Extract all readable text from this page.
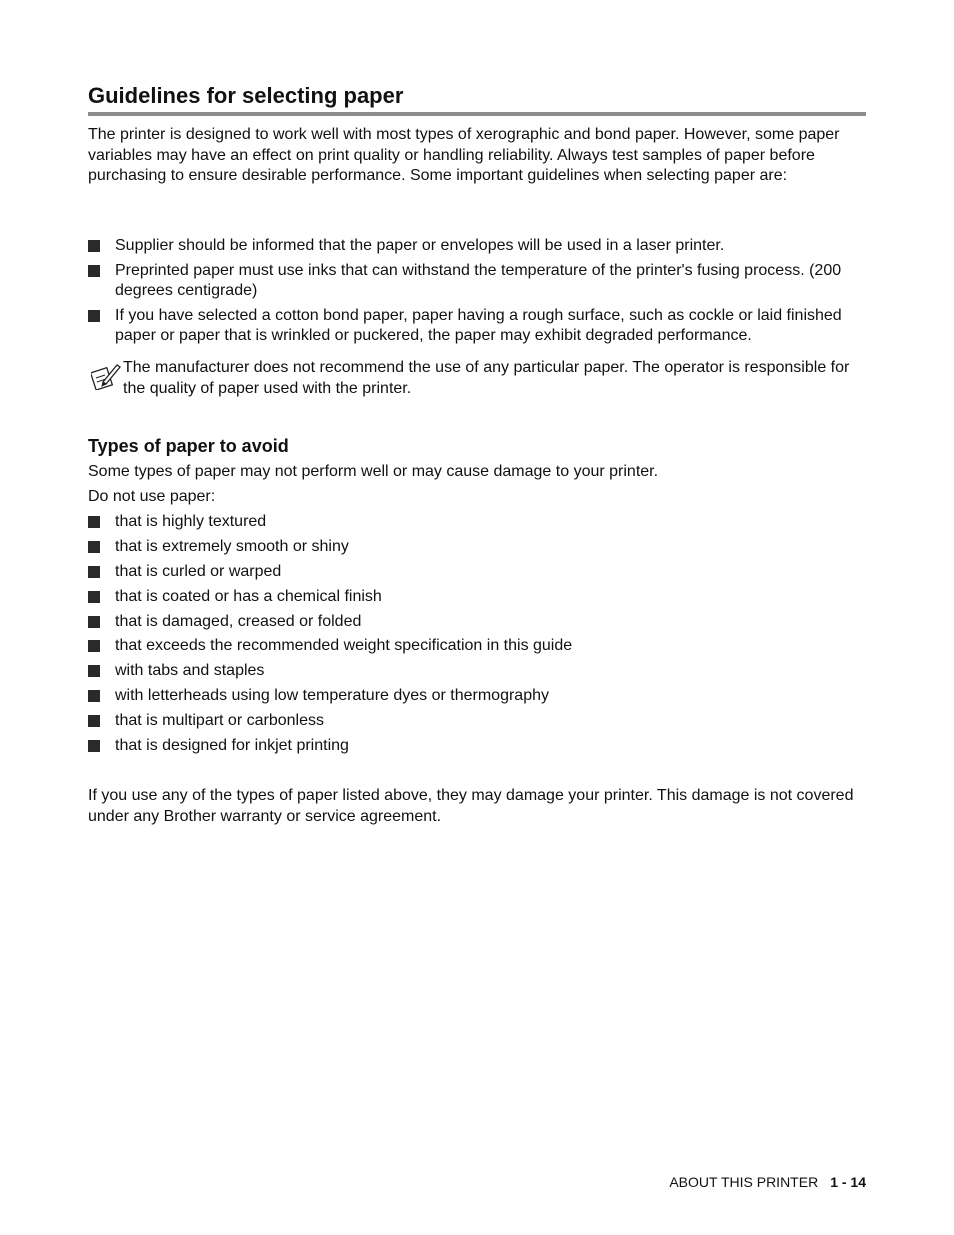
Guidelines for selecting paper

The printer is designed to work well with most types of xerographic and bond paper. However, some paper variables may have an effect on print quality or handling reliability. Always test samples of paper before purchasing to ensure desirable performance. Some important guidelines when selecting paper are:

Supplier should be informed that the paper or envelopes will be used in a laser printer.
Preprinted paper must use inks that can withstand the temperature of the printer's fusing process. (200 degrees centigrade)
If you have selected a cotton bond paper, paper having a rough surface, such as cockle or laid finished paper or paper that is wrinkled or puckered, the paper may exhibit degraded performance.
The manufacturer does not recommend the use of any particular paper. The operator is responsible for the quality of paper used with the printer.
Types of paper to avoid

Some types of paper may not perform well or may cause damage to your printer.

Do not use paper:

that is highly textured
that is extremely smooth or shiny
that is curled or warped
that is coated or has a chemical finish
that is damaged, creased or folded
that exceeds the recommended weight specification in this guide
with tabs and staples
with letterheads using low temperature dyes or thermography
that is multipart or carbonless
that is designed for inkjet printing

If you use any of the types of paper listed above, they may damage your printer. This damage is not covered under any Brother warranty or service agreement.

ABOUT THIS PRINTER 1 - 14
